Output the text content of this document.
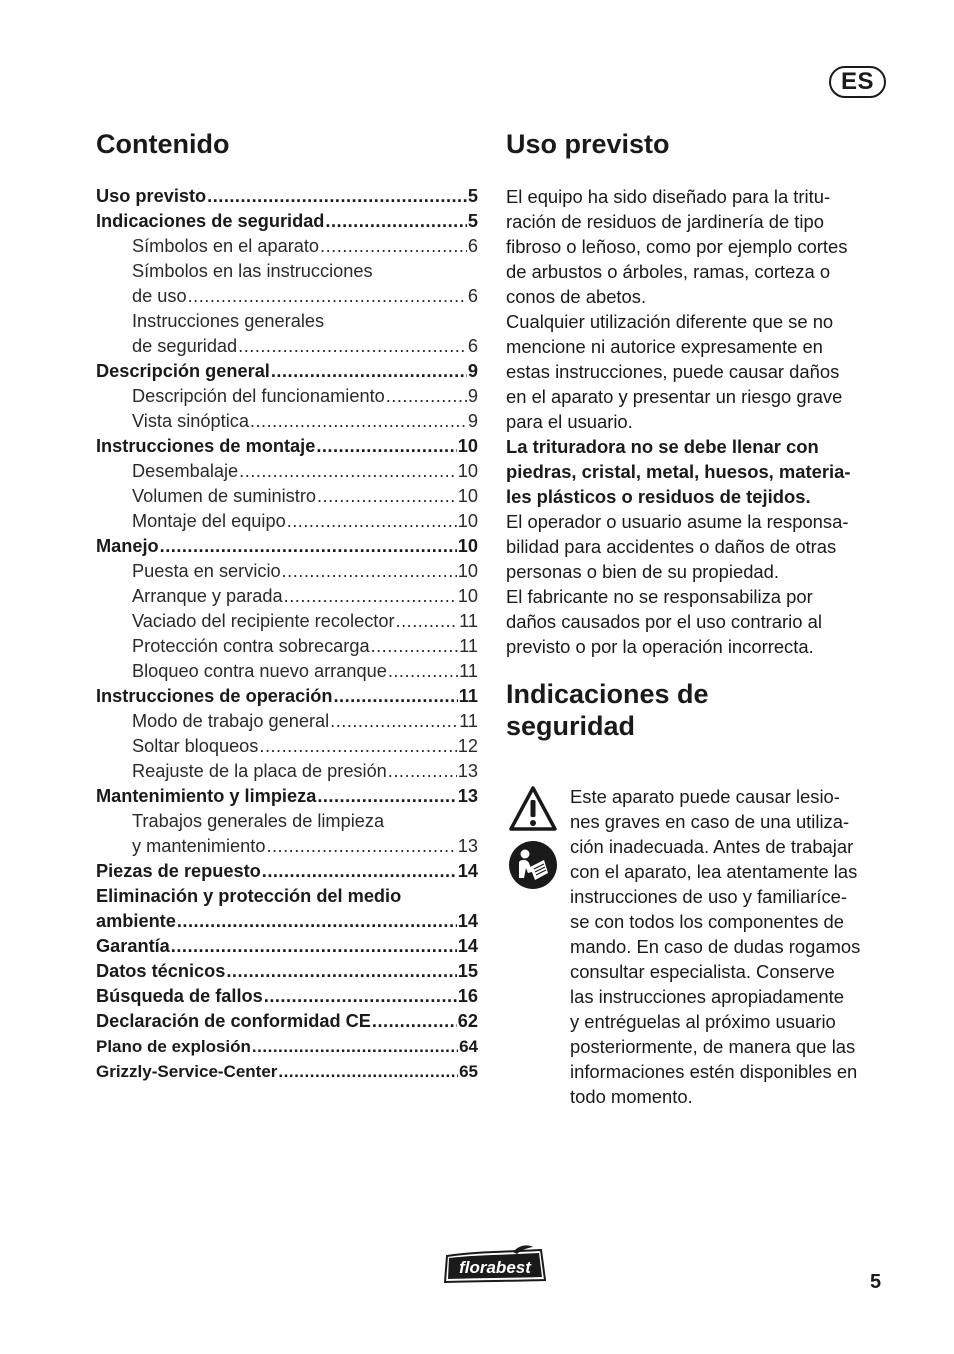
ES
Contenido
Uso previsto .....	5
Indicaciones de seguridad .....	5
Símbolos en el aparato .....	6
Símbolos en las instrucciones
de uso .....	6
Instrucciones generales
de seguridad .....	6
Descripción general .....	9
Descripción del funcionamiento .....	9
Vista sinóptica .....	9
Instrucciones de montaje .....	10
Desembalaje .....	10
Volumen de suministro .....	10
Montaje del equipo .....	10
Manejo .....	10
Puesta en servicio .....	10
Arranque y parada .....	10
Vaciado del recipiente recolector .....	11
Protección contra sobrecarga .....	11
Bloqueo contra nuevo arranque .....	11
Instrucciones de operación .....	11
Modo de trabajo general .....	11
Soltar bloqueos .....	12
Reajuste de la placa de presión .....	13
Mantenimiento y limpieza .....	13
Trabajos generales de limpieza
y mantenimiento .....	13
Piezas de repuesto .....	14
Eliminación y protección del medio
ambiente .....	14
Garantía .....	14
Datos técnicos .....	15
Búsqueda de fallos .....	16
Declaración de conformidad CE .....	62
Plano de explosión .....	64
Grizzly-Service-Center .....	65
Uso previsto
El equipo ha sido diseñado para la tritu-
ración de residuos de jardinería de tipo
fibroso o leñoso, como por ejemplo cortes
de arbustos o árboles, ramas, corteza o
conos de abetos.
Cualquier utilización diferente que se no
mencione ni autorice expresamente en
estas instrucciones, puede causar daños
en el aparato y presentar un riesgo grave
para el usuario.
La trituradora no se debe llenar con
piedras, cristal, metal, huesos, materia-
les plásticos o residuos de tejidos.
El operador o usuario asume la responsa-
bilidad para accidentes o daños de otras
personas o bien de su propiedad.
El fabricante no se responsabiliza por
daños causados por el uso contrario al
previsto o por la operación incorrecta.
Indicaciones de
seguridad
Este aparato puede causar lesio-
nes graves en caso de una utiliza-
ción inadecuada. Antes de trabajar
con el aparato, lea atentamente las
instrucciones de uso y familiaríce-
se con todos los componentes de
mando. En caso de dudas rogamos
consultar especialista. Conserve
las instrucciones apropiadamente
y entréguelas al próximo usuario
posteriormente, de manera que las
informaciones estén disponibles en
todo momento.
florabest
5
